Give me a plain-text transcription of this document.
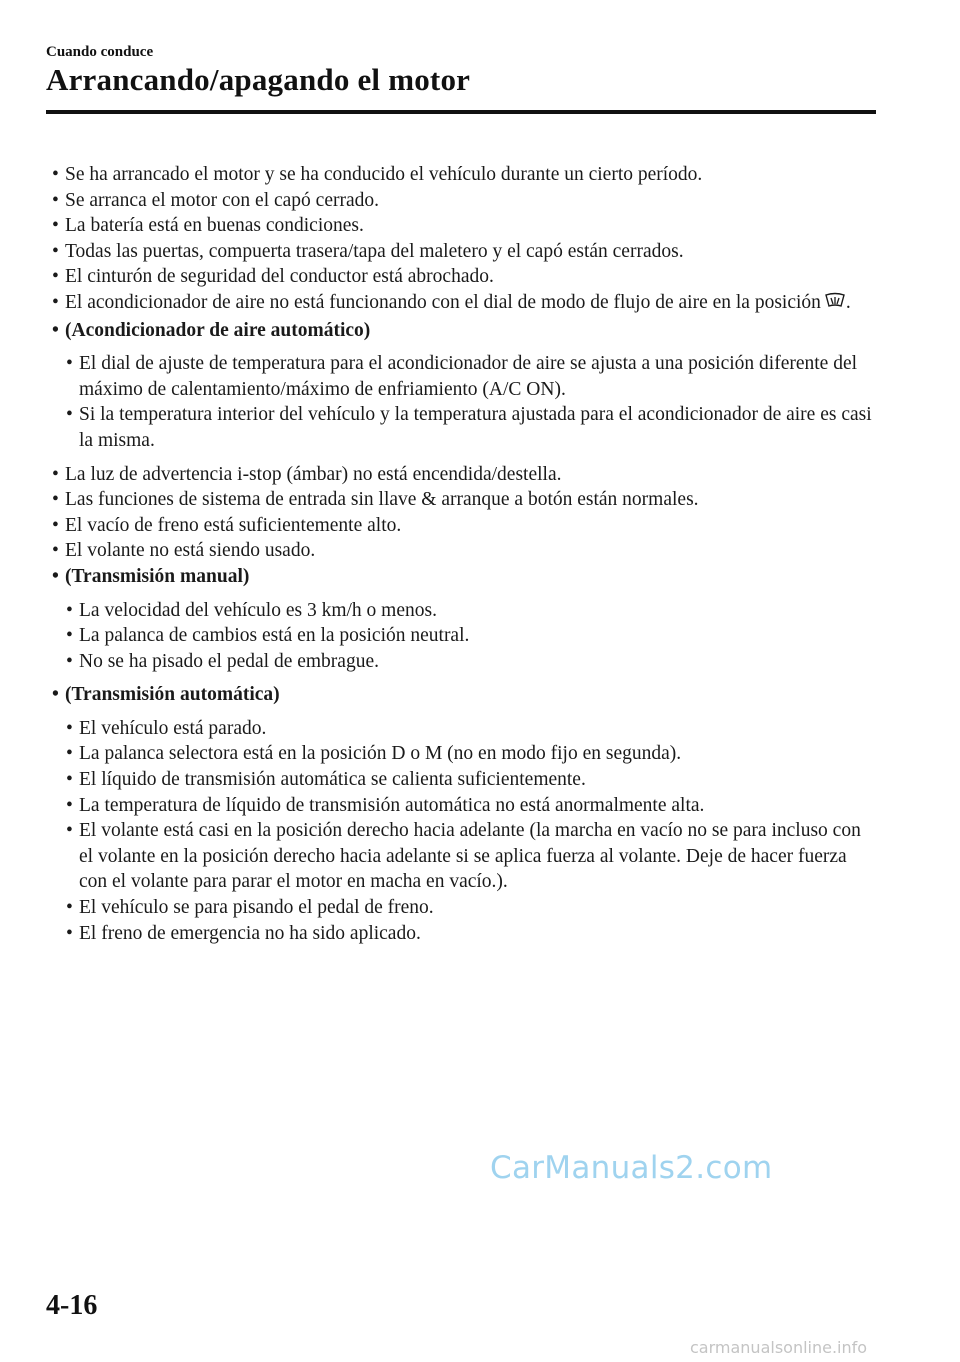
Cuando conduce
Arrancando/apagando el motor
• Se ha arrancado el motor y se ha conducido el vehículo durante un cierto período.
• Se arranca el motor con el capó cerrado.
• La batería está en buenas condiciones.
• Todas las puertas, compuerta trasera/tapa del maletero y el capó están cerrados.
• El cinturón de seguridad del conductor está abrochado.
• El acondicionador de aire no está funcionando con el dial de modo de flujo de aire en la posición .
• (Acondicionador de aire automático)
• El dial de ajuste de temperatura para el acondicionador de aire se ajusta a una posición diferente del máximo de calentamiento/máximo de enfriamiento (A/C ON).
• Si la temperatura interior del vehículo y la temperatura ajustada para el acondicionador de aire es casi la misma.
• La luz de advertencia i-stop (ámbar) no está encendida/destella.
• Las funciones de sistema de entrada sin llave & arranque a botón están normales.
• El vacío de freno está suficientemente alto.
• El volante no está siendo usado.
• (Transmisión manual)
• La velocidad del vehículo es 3 km/h o menos.
• La palanca de cambios está en la posición neutral.
• No se ha pisado el pedal de embrague.
• (Transmisión automática)
• El vehículo está parado.
• La palanca selectora está en la posición D o M (no en modo fijo en segunda).
• El líquido de transmisión automática se calienta suficientemente.
• La temperatura de líquido de transmisión automática no está anormalmente alta.
• El volante está casi en la posición derecho hacia adelante (la marcha en vacío no se para incluso con el volante en la posición derecho hacia adelante si se aplica fuerza al volante. Deje de hacer fuerza con el volante para parar el motor en macha en vacío.).
• El vehículo se para pisando el pedal de freno.
• El freno de emergencia no ha sido aplicado.
CarManuals2.com
4-16
carmanualsonline.info
